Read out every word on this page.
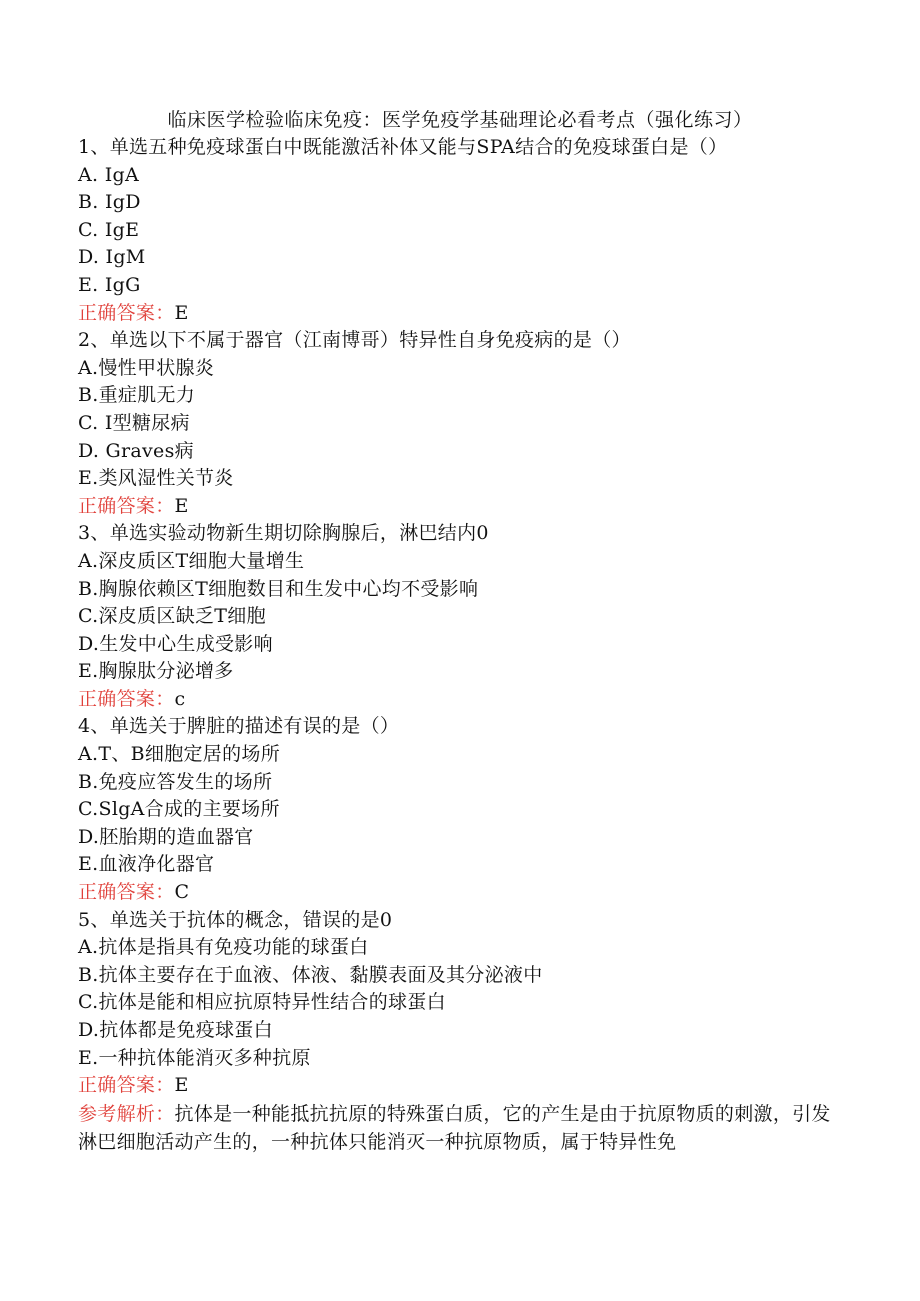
临床医学检验临床免疫：医学免疫学基础理论必看考点（强化练习）
1、单选五种免疫球蛋白中既能激活补体又能与SPA结合的免疫球蛋白是（）
A. IgA
B. IgD
C. IgE
D. IgM
E. IgG
正确答案：E
2、单选以下不属于器官（江南博哥）特异性自身免疫病的是（）
A.慢性甲状腺炎
B.重症肌无力
C. I型糖尿病
D. Graves病
E.类风湿性关节炎
正确答案：E
3、单选实验动物新生期切除胸腺后，淋巴结内0
A.深皮质区T细胞大量增生
B.胸腺依赖区T细胞数目和生发中心均不受影响
C.深皮质区缺乏T细胞
D.生发中心生成受影响
E.胸腺肽分泌增多
正确答案：c
4、单选关于脾脏的描述有误的是（）
A.T、B细胞定居的场所
B.免疫应答发生的场所
C.SlgA合成的主要场所
D.胚胎期的造血器官
E.血液净化器官
正确答案：C
5、单选关于抗体的概念，错误的是0
A.抗体是指具有免疫功能的球蛋白
B.抗体主要存在于血液、体液、黏膜表面及其分泌液中
C.抗体是能和相应抗原特异性结合的球蛋白
D.抗体都是免疫球蛋白
E.一种抗体能消灭多种抗原
正确答案：E
参考解析：抗体是一种能抵抗抗原的特殊蛋白质，它的产生是由于抗原物质的刺激，引发淋巴细胞活动产生的，一种抗体只能消灭一种抗原物质，属于特异性免
